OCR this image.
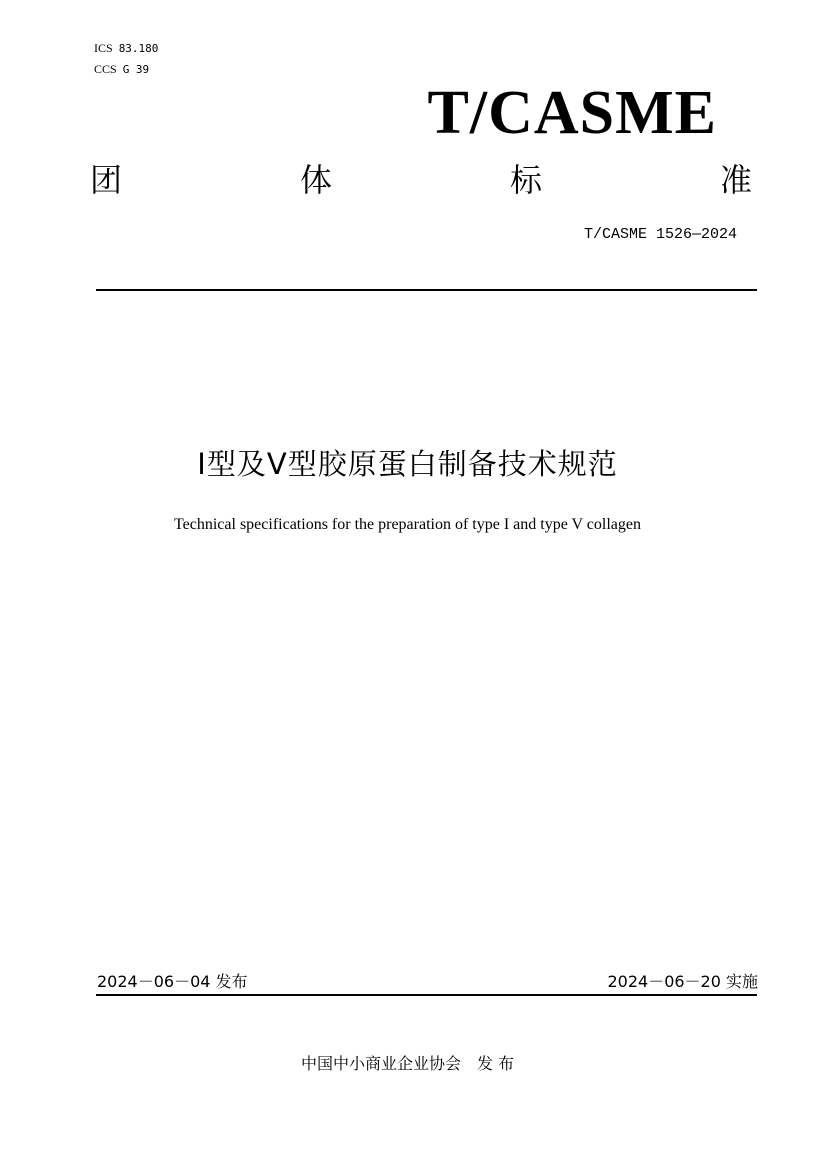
ICS 83.180
CCS G 39
T/CASME
团	体	标	准
T/CASME 1526—2024
Ⅰ型及Ⅴ型胶原蛋白制备技术规范
Technical specifications for the preparation of type I and type V collagen
2024－06－04 发布	2024－06－20 实施
中国中小商业企业协会　发 布
